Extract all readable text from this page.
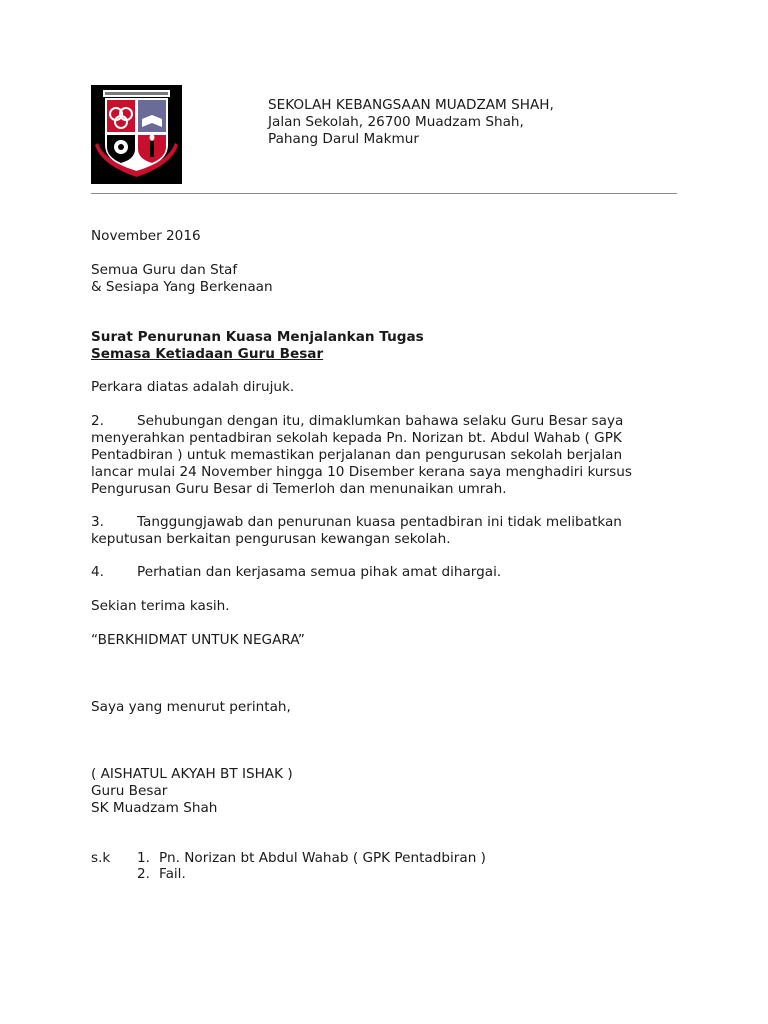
SEKOLAH KEBANGSAAN MUADZAM SHAH,
Jalan Sekolah, 26700 Muadzam Shah,
Pahang Darul Makmur
November 2016
Semua Guru dan Staf
& Sesiapa Yang Berkenaan
Surat Penurunan Kuasa Menjalankan Tugas
Semasa Ketiadaan Guru Besar
Perkara diatas adalah dirujuk.
2. Sehubungan dengan itu, dimaklumkan bahawa selaku Guru Besar saya
menyerahkan pentadbiran sekolah kepada Pn. Norizan bt. Abdul Wahab ( GPK
Pentadbiran ) untuk memastikan perjalanan dan pengurusan sekolah berjalan
lancar mulai 24 November hingga 10 Disember kerana saya menghadiri kursus
Pengurusan Guru Besar di Temerloh dan menunaikan umrah.
3. Tanggungjawab dan penurunan kuasa pentadbiran ini tidak melibatkan
keputusan berkaitan pengurusan kewangan sekolah.
4. Perhatian dan kerjasama semua pihak amat dihargai.
Sekian terima kasih.
“BERKHIDMAT UNTUK NEGARA”
Saya yang menurut perintah,
( AISHATUL AKYAH BT ISHAK )
Guru Besar
SK Muadzam Shah
s.k 1. Pn. Norizan bt Abdul Wahab ( GPK Pentadbiran )
2. Fail.
